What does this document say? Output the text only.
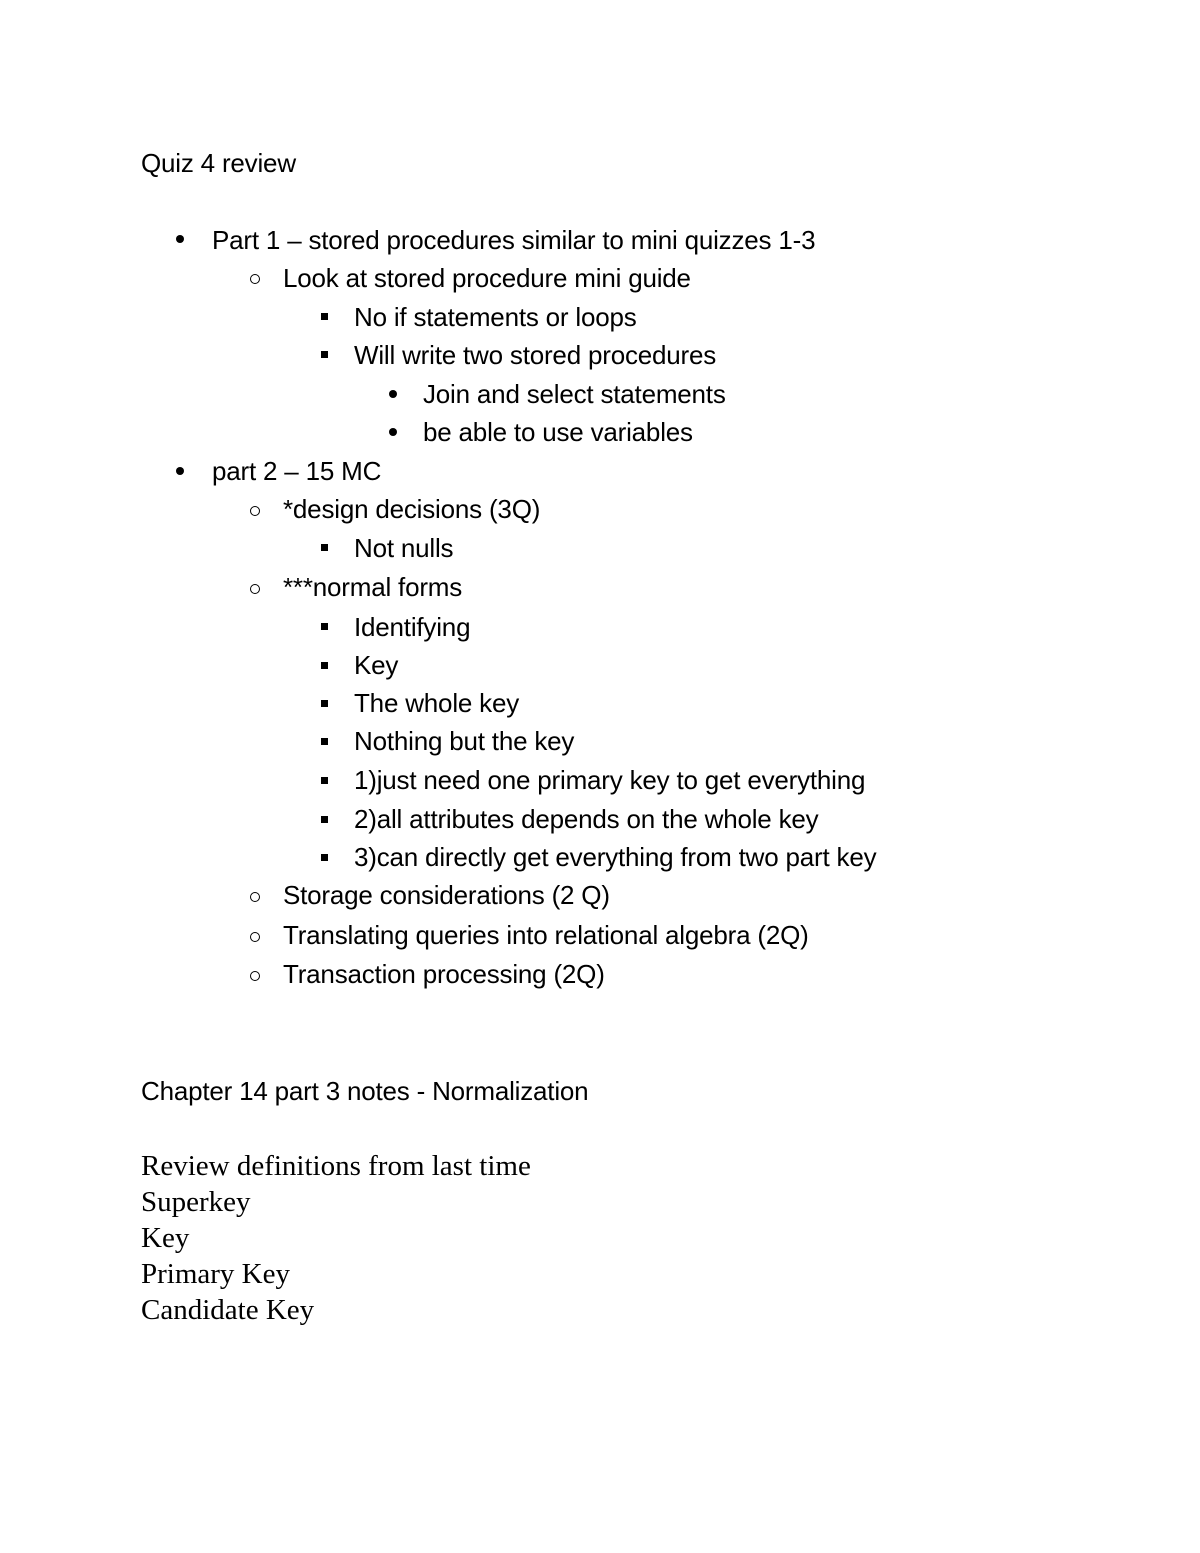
Quiz 4 review
Part 1 – stored procedures similar to mini quizzes 1-3
Look at stored procedure mini guide
No if statements or loops
Will write two stored procedures
Join and select statements
be able to use variables
part 2 – 15 MC
*design decisions (3Q)
Not nulls
***normal forms
Identifying
Key
The whole key
Nothing but the key
1)just need one primary key to get everything
2)all attributes depends on the whole key
3)can directly get everything from two part key
Storage considerations (2 Q)
Translating queries into relational algebra (2Q)
Transaction processing (2Q)
Chapter 14 part 3 notes - Normalization
Review definitions from last time
Superkey
Key
Primary Key
Candidate Key
